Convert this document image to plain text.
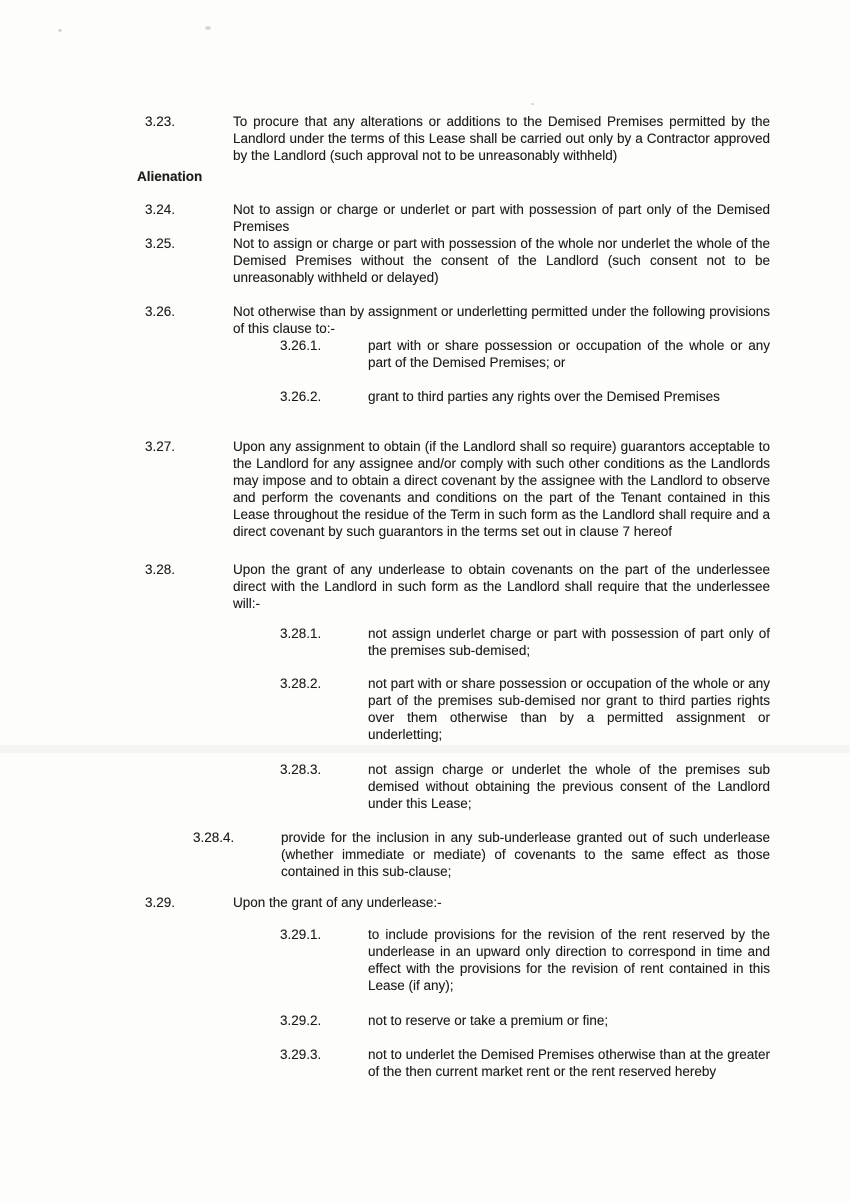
3.23.	To procure that any alterations or additions to the Demised Premises permitted by the Landlord under the terms of this Lease shall be carried out only by a Contractor approved by the Landlord (such approval not to be unreasonably withheld)
Alienation
3.24.	Not to assign or charge or underlet or part with possession of part only of the Demised Premises
3.25.	Not to assign or charge or part with possession of the whole nor underlet the whole of the Demised Premises without the consent of the Landlord (such consent not to be unreasonably withheld or delayed)
3.26.	Not otherwise than by assignment or underletting permitted under the following provisions of this clause to:-
3.26.1.	part with or share possession or occupation of the whole or any part of the Demised Premises; or
3.26.2.	grant to third parties any rights over the Demised Premises
3.27.	Upon any assignment to obtain (if the Landlord shall so require) guarantors acceptable to the Landlord for any assignee and/or comply with such other conditions as the Landlords may impose and to obtain a direct covenant by the assignee with the Landlord to observe and perform the covenants and conditions on the part of the Tenant contained in this Lease throughout the residue of the Term in such form as the Landlord shall require and a direct covenant by such guarantors in the terms set out in clause 7 hereof
3.28.	Upon the grant of any underlease to obtain covenants on the part of the underlessee direct with the Landlord in such form as the Landlord shall require that the underlessee will:-
3.28.1.	not assign underlet charge or part with possession of part only of the premises sub-demised;
3.28.2.	not part with or share possession or occupation of the whole or any part of the premises sub-demised nor grant to third parties rights over them otherwise than by a permitted assignment or underletting;
3.28.3.	not assign charge or underlet the whole of the premises sub demised without obtaining the previous consent of the Landlord under this Lease;
3.28.4.	provide for the inclusion in any sub-underlease granted out of such underlease (whether immediate or mediate) of covenants to the same effect as those contained in this sub-clause;
3.29.	Upon the grant of any underlease:-
3.29.1.	to include provisions for the revision of the rent reserved by the underlease in an upward only direction to correspond in time and effect with the provisions for the revision of rent contained in this Lease (if any);
3.29.2.	not to reserve or take a premium or fine;
3.29.3.	not to underlet the Demised Premises otherwise than at the greater of the then current market rent or the rent reserved hereby
